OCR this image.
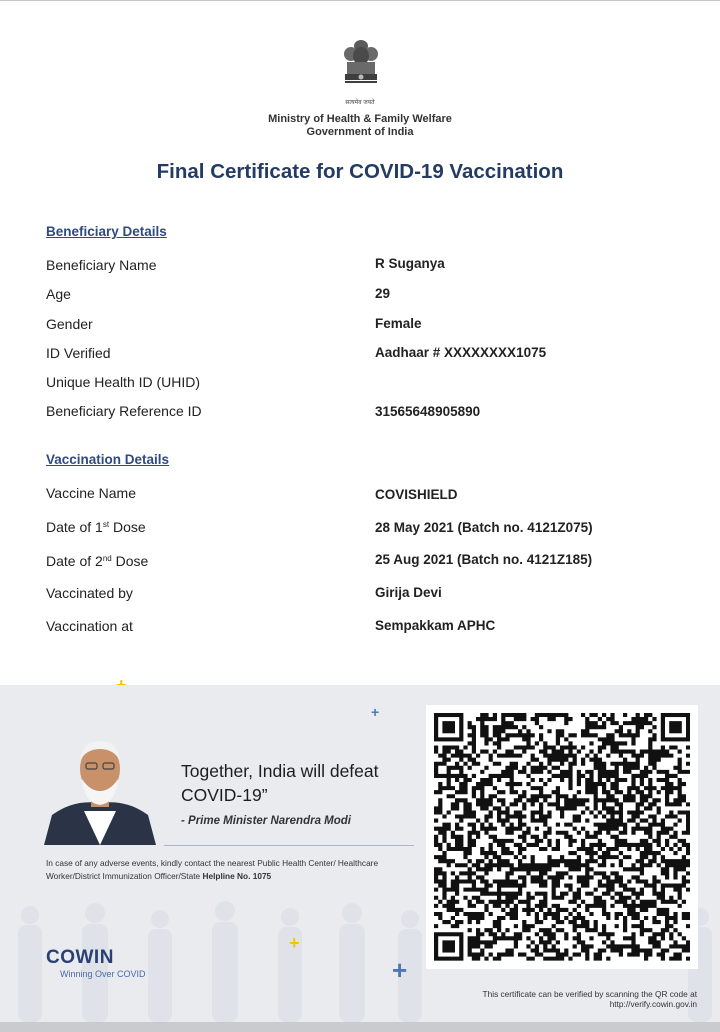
सत्यमेव जयते
Ministry of Health & Family Welfare
Government of India
Final Certificate for COVID-19 Vaccination
Beneficiary Details
Beneficiary Name	R Suganya
Age	29
Gender	Female
ID Verified	Aadhaar # XXXXXXXX1075
Unique Health ID (UHID)
Beneficiary Reference ID	31565648905890
Vaccination Details
Vaccine Name	COVISHIELD
Date of 1st Dose	28 May 2021 (Batch no. 4121Z075)
Date of 2nd Dose	25 Aug 2021 (Batch no. 4121Z185)
Vaccinated by	Girija Devi
Vaccination at	Sempakkam APHC
+
+
+
Together, India will defeat COVID-19”
- Prime Minister Narendra Modi
In case of any adverse events, kindly contact the nearest Public Health Center/ Healthcare Worker/District Immunization Officer/State Helpline No. 1075
COWIN
Winning Over COVID
This certificate can be verified by scanning the QR code at
http://verify.cowin.gov.in
